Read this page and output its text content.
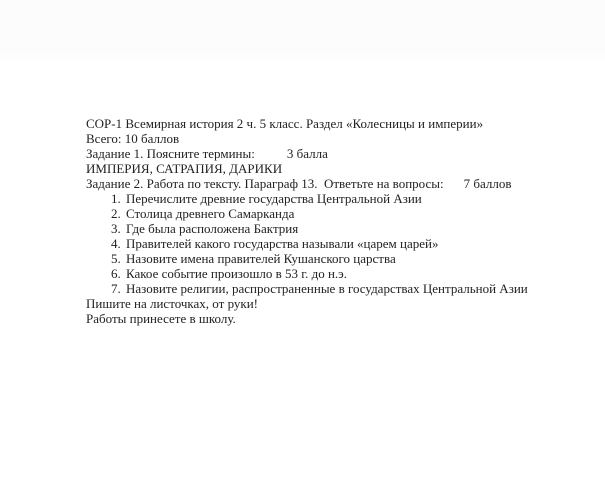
СОР-1 Всемирная история 2 ч. 5 класс. Раздел «Колесницы и империи»

Всего: 10 баллов

Задание 1. Поясните термины: 3 балла

ИМПЕРИЯ, САТРАПИЯ, ДАРИКИ

Задание 2. Работа по тексту. Параграф 13.  Ответьте на вопросы: 7 баллов

1. Перечислите древние государства Центральной Азии
2. Столица древнего Самарканда
3. Где была расположена Бактрия
4. Правителей какого государства называли «царем царей»
5. Назовите имена правителей Кушанского царства
6. Какое событие произошло в 53 г. до н.э.
7. Назовите религии, распространенные в государствах Центральной Азии

Пишите на листочках, от руки!

Работы принесете в школу.
